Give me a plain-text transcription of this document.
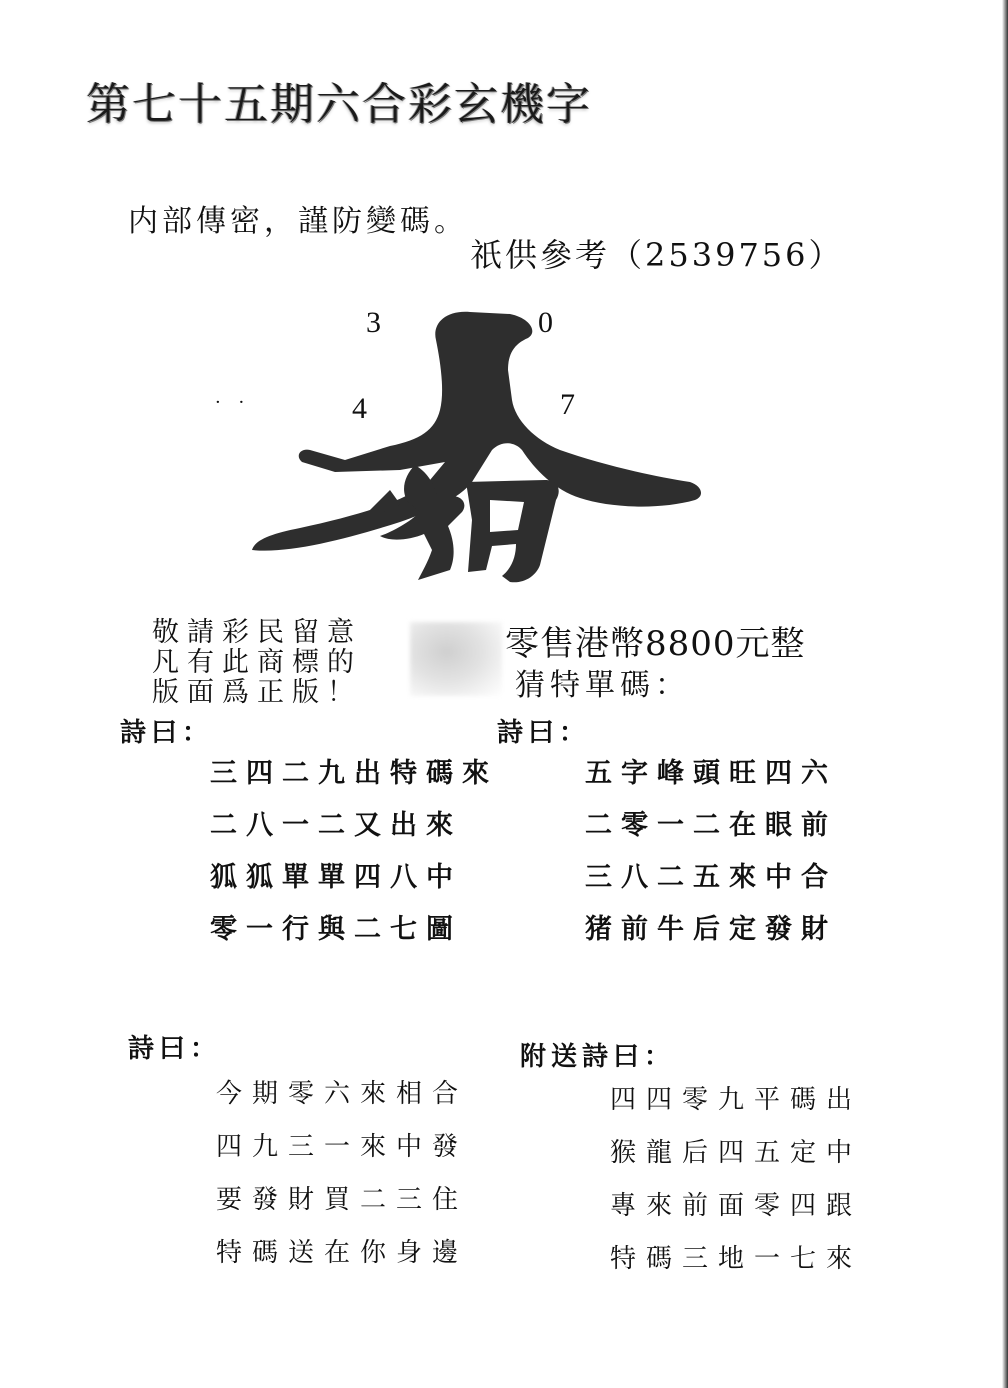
第七十五期六合彩玄機字
内部傳密，謹防變碼。
祇供參考（2539756）
3	0
4	7
· ·
敬請彩民留意
凡有此商標的
版面爲正版！
零售港幣8800元整
猜特單碼：
詩曰：
三四二九出特碼來
二八一二又出來
狐狐單單四八中
零一行與二七圖
詩曰：
五字峰頭旺四六
二零一二在眼前
三八二五來中合
猪前牛后定發財
詩曰：
今期零六來相合
四九三一來中發
要發財買二三住
特碼送在你身邊
附送詩曰：
四四零九平碼出
猴龍后四五定中
專來前面零四跟
特碼三地一七來
